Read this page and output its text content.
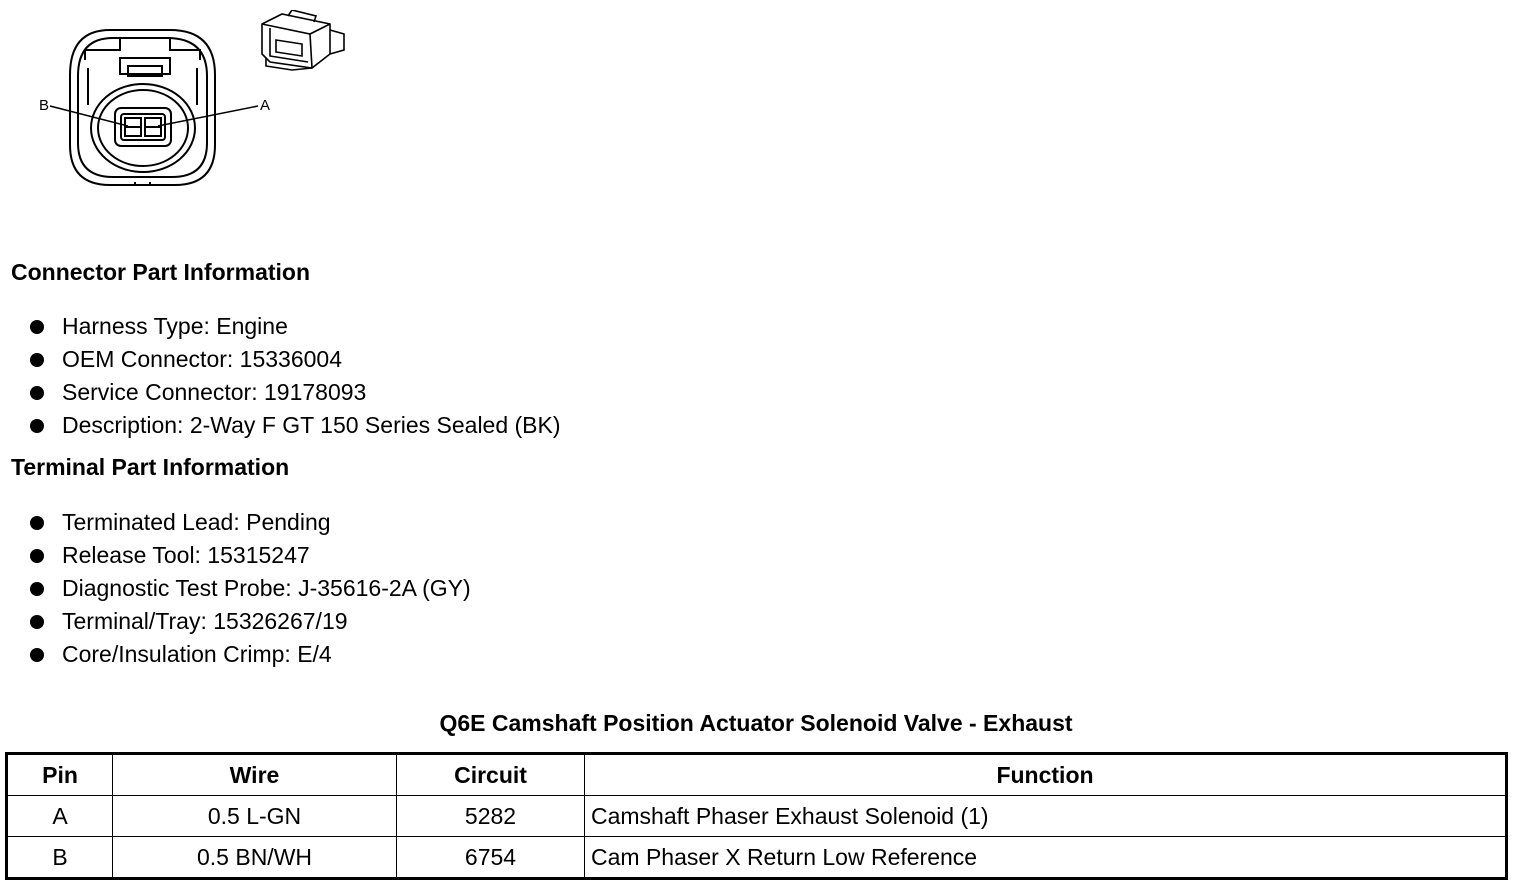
B	A
Connector Part Information
Harness Type: Engine
OEM Connector: 15336004
Service Connector: 19178093
Description: 2-Way F GT 150 Series Sealed (BK)
Terminal Part Information
Terminated Lead: Pending
Release Tool: 15315247
Diagnostic Test Probe: J-35616-2A (GY)
Terminal/Tray: 15326267/19
Core/Insulation Crimp: E/4
Q6E Camshaft Position Actuator Solenoid Valve - Exhaust
Pin	Wire	Circuit	Function
A	0.5 L-GN	5282	Camshaft Phaser Exhaust Solenoid (1)
B	0.5 BN/WH	6754	Cam Phaser X Return Low Reference
